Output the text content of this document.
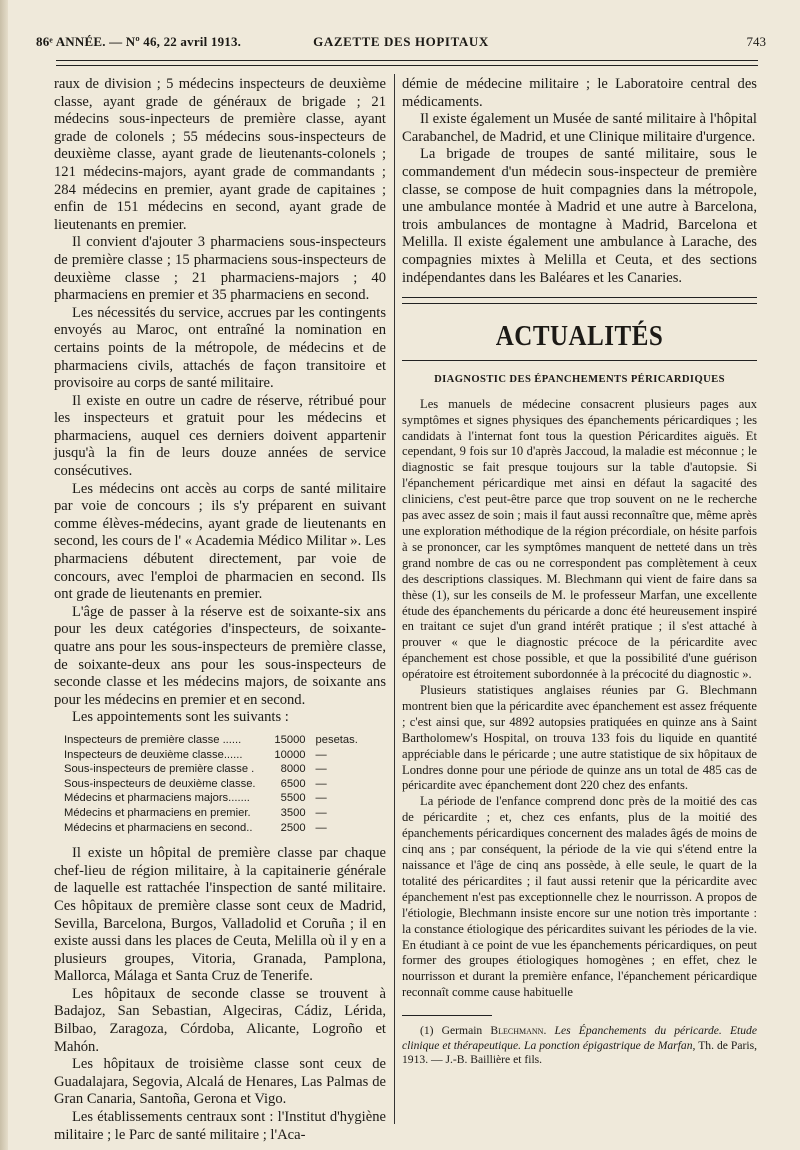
86ᵉ ANNÉE. — Nº 46, 22 avril 1913.	GAZETTE DES HOPITAUX	743

raux de division ; 5 médecins inspecteurs de deuxième classe, ayant grade de généraux de brigade ; 21 médecins sous-inpecteurs de première classe, ayant grade de colonels ; 55 médecins sous-inspecteurs de deuxième classe, ayant grade de lieutenants-colonels ; 121 médecins-majors, ayant grade de commandants ; 284 médecins en premier, ayant grade de capitaines ; enfin de 151 médecins en second, ayant grade de lieutenants en premier.

Il convient d'ajouter 3 pharmaciens sous-inspecteurs de première classe ; 15 pharmaciens sous-inspecteurs de deuxième classe ; 21 pharmaciens-majors ; 40 pharmaciens en premier et 35 pharmaciens en second.

Les nécessités du service, accrues par les contingents envoyés au Maroc, ont entraîné la nomination en certains points de la métropole, de médecins et de pharmaciens civils, attachés de façon transitoire et provisoire au corps de santé militaire.

Il existe en outre un cadre de réserve, rétribué pour les inspecteurs et gratuit pour les médecins et pharmaciens, auquel ces derniers doivent appartenir jusqu'à la fin de leurs douze années de service consécutives.

Les médecins ont accès au corps de santé militaire par voie de concours ; ils s'y préparent en suivant comme élèves-médecins, ayant grade de lieutenants en second, les cours de l' « Academia Médico Militar ». Les pharmaciens débutent directement, par voie de concours, avec l'emploi de pharmacien en second. Ils ont grade de lieutenants en premier.

L'âge de passer à la réserve est de soixante-six ans pour les deux catégories d'inspecteurs, de soixante-quatre ans pour les sous-inspecteurs de première classe, de soixante-deux ans pour les sous-inspecteurs de seconde classe et les médecins majors, de soixante ans pour les médecins en premier et en second.

Les appointements sont les suivants :

Inspecteurs de première classe ......	15000	pesetas.
Inspecteurs de deuxième classe......	10000	—
Sous-inspecteurs de première classe .	8000	—
Sous-inspecteurs de deuxième classe.	6500	—
Médecins et pharmaciens majors.......	5500	—
Médecins et pharmaciens en premier.	3500	—
Médecins et pharmaciens en second..	2500	—

Il existe un hôpital de première classe par chaque chef-lieu de région militaire, à la capitainerie générale de laquelle est rattachée l'inspection de santé militaire. Ces hôpitaux de première classe sont ceux de Madrid, Sevilla, Barcelona, Burgos, Valladolid et Coruña ; il en existe aussi dans les places de Ceuta, Melilla où il y en a plusieurs groupes, Vitoria, Granada, Pamplona, Mallorca, Málaga et Santa Cruz de Tenerife.

Les hôpitaux de seconde classe se trouvent à Badajoz, San Sebastian, Algeciras, Cádiz, Lérida, Bilbao, Zaragoza, Córdoba, Alicante, Logroño et Mahón.

Les hôpitaux de troisième classe sont ceux de Guadalajara, Segovia, Alcalá de Henares, Las Palmas de Gran Canaria, Santoña, Gerona et Vigo.

Les établissements centraux sont : l'Institut d'hygiène militaire ; le Parc de santé militaire ; l'Aca-

démie de médecine militaire ; le Laboratoire central des médicaments.

Il existe également un Musée de santé militaire à l'hôpital Carabanchel, de Madrid, et une Clinique militaire d'urgence.

La brigade de troupes de santé militaire, sous le commandement d'un médecin sous-inspecteur de première classe, se compose de huit compagnies dans la métropole, une ambulance montée à Madrid et une autre à Barcelona, trois ambulances de montagne à Madrid, Barcelona et Melilla. Il existe également une ambulance à Larache, des compagnies mixtes à Melilla et Ceuta, et des sections indépendantes dans les Baléares et les Canaries.

ACTUALITÉS
DIAGNOSTIC DES ÉPANCHEMENTS PÉRICARDIQUES

Les manuels de médecine consacrent plusieurs pages aux symptômes et signes physiques des épanchements péricardiques ; les candidats à l'internat font tous la question Péricardites aiguës. Et cependant, 9 fois sur 10 d'après Jaccoud, la maladie est méconnue ; le diagnostic se fait presque toujours sur la table d'autopsie. Si l'épanchement péricardique met ainsi en défaut la sagacité des cliniciens, c'est peut-être parce que trop souvent on ne le recherche pas avec assez de soin ; mais il faut aussi reconnaître que, même après une exploration méthodique de la région précordiale, on hésite parfois à se prononcer, car les symptômes manquent de netteté dans un très grand nombre de cas ou ne correspondent pas complètement à ceux des descriptions classiques. M. Blechmann qui vient de faire dans sa thèse (1), sur les conseils de M. le professeur Marfan, une excellente étude des épanchements du péricarde a donc été heureusement inspiré en traitant ce sujet d'un grand intérêt pratique ; il s'est attaché à prouver « que le diagnostic précoce de la péricardite avec épanchement est chose possible, et que la possibilité d'une guérison opératoire est étroitement subordonnée à la précocité du diagnostic ».

Plusieurs statistiques anglaises réunies par G. Blechmann montrent bien que la péricardite avec épanchement est assez fréquente ; c'est ainsi que, sur 4892 autopsies pratiquées en quinze ans à Saint Bartholomew's Hospital, on trouva 133 fois du liquide en quantité appréciable dans le péricarde ; une autre statistique de six hôpitaux de Londres donne pour une période de quinze ans un total de 485 cas de péricardite avec épanchement dont 220 chez des enfants.

La période de l'enfance comprend donc près de la moitié des cas de péricardite ; et, chez ces enfants, plus de la moitié des épanchements péricardiques concernent des malades âgés de moins de cinq ans ; par conséquent, la période de la vie qui s'étend entre la naissance et l'âge de cinq ans possède, à elle seule, le quart de la totalité des péricardites ; il faut aussi retenir que la péricardite avec épanchement n'est pas exceptionnelle chez le nourrisson. A propos de l'étiologie, Blechmann insiste encore sur une notion très importante : la constance étiologique des péricardites suivant les périodes de la vie. En étudiant à ce point de vue les épanchements péricardiques, on peut former des groupes étiologiques homogènes ; en effet, chez le nourrisson et durant la première enfance, l'épanchement péricardique reconnaît comme cause habituelle

(1) Germain Blechmann. Les Épanchements du péricarde. Etude clinique et thérapeutique. La ponction épigastrique de Marfan, Th. de Paris, 1913. — J.-B. Baillière et fils.
